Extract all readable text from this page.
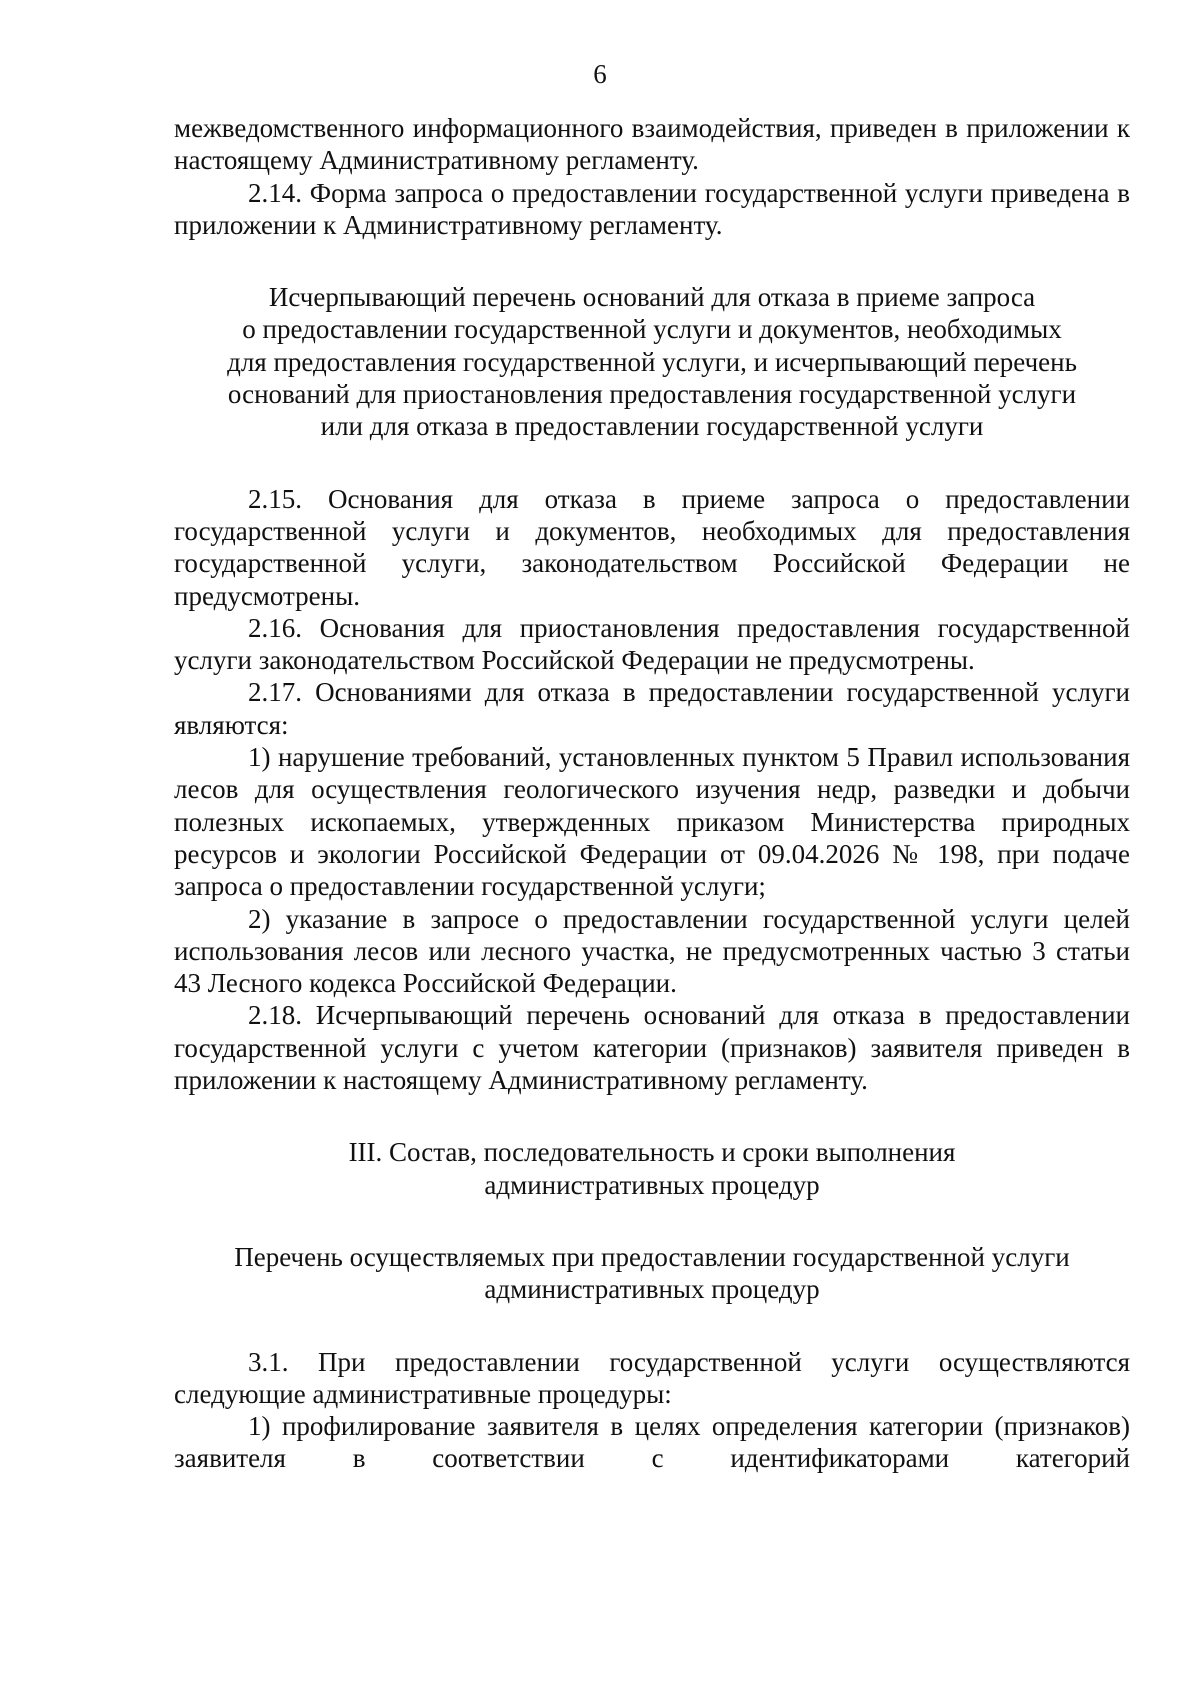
6

межведомственного информационного взаимодействия, приведен в приложении к настоящему Административному регламенту.

2.14. Форма запроса о предоставлении государственной услуги приведена в приложении к Административному регламенту.

Исчерпывающий перечень оснований для отказа в приеме запроса
о предоставлении государственной услуги и документов, необходимых
для предоставления государственной услуги, и исчерпывающий перечень
оснований для приостановления предоставления государственной услуги
или для отказа в предоставлении государственной услуги

2.15. Основания для отказа в приеме запроса о предоставлении государственной услуги и документов, необходимых для предоставления государственной услуги, законодательством Российской Федерации не предусмотрены.

2.16. Основания для приостановления предоставления государственной услуги законодательством Российской Федерации не предусмотрены.

2.17. Основаниями для отказа в предоставлении государственной услуги являются:

1) нарушение требований, установленных пунктом 5 Правил использования лесов для осуществления геологического изучения недр, разведки и добычи полезных ископаемых, утвержденных приказом Министерства природных ресурсов и экологии Российской Федерации от 09.04.2026 № 198, при подаче запроса о предоставлении государственной услуги;

2) указание в запросе о предоставлении государственной услуги целей использования лесов или лесного участка, не предусмотренных частью 3 статьи 43 Лесного кодекса Российской Федерации.

2.18. Исчерпывающий перечень оснований для отказа в предоставлении государственной услуги с учетом категории (признаков) заявителя приведен в приложении к настоящему Административному регламенту.

III. Состав, последовательность и сроки выполнения
административных процедур
Перечень осуществляемых при предоставлении государственной услуги
административных процедур

3.1. При предоставлении государственной услуги осуществляются следующие административные процедуры:

1) профилирование заявителя в целях определения категории (признаков) заявителя в соответствии с идентификаторами категорий
